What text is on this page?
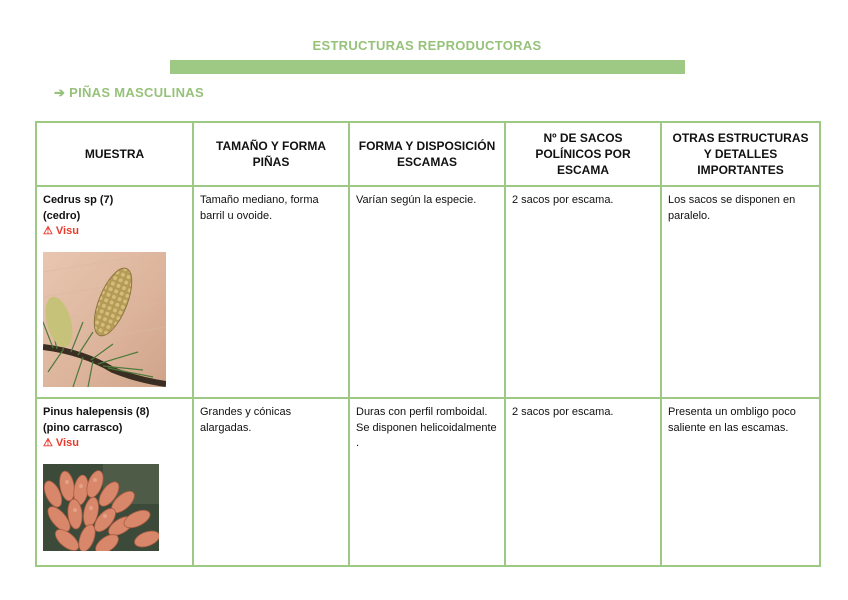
ESTRUCTURAS REPRODUCTORAS
➔ PIÑAS MASCULINAS
MUESTRA	TAMAÑO Y FORMA PIÑAS	FORMA Y DISPOSICIÓN ESCAMAS	Nº DE SACOS POLÍNICOS POR ESCAMA	OTRAS ESTRUCTURAS Y DETALLES IMPORTANTES

Cedrus sp (7)
(cedro)
⚠ Visu	Tamaño mediano, forma barril u ovoide.	Varían según la especie.	2 sacos por escama.	Los sacos se disponen en paralelo.

Pinus halepensis (8)
(pino carrasco)
⚠ Visu	Grandes y cónicas alargadas.	Duras con perfil romboidal. Se disponen helicoidalmente .	2 sacos por escama.	Presenta un ombligo poco saliente en las escamas.
